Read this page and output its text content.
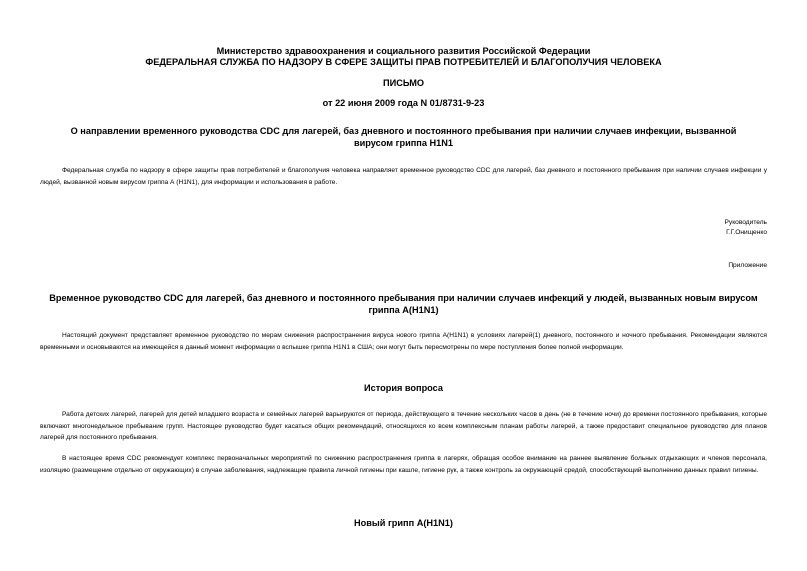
Министерство здравоохранения и социального развития Российской Федерации
ФЕДЕРАЛЬНАЯ СЛУЖБА ПО НАДЗОРУ В СФЕРЕ ЗАЩИТЫ ПРАВ ПОТРЕБИТЕЛЕЙ И БЛАГОПОЛУЧИЯ ЧЕЛОВЕКА
ПИСЬМО
от 22 июня 2009 года N 01/8731-9-23
О направлении временного руководства CDC для лагерей, баз дневного и постоянного пребывания при наличии случаев инфекции, вызванной вирусом гриппа H1N1

Федеральная служба по надзору в сфере защиты прав потребителей и благополучия человека направляет временное руководство CDC для лагерей, баз дневного и постоянного пребывания при наличии случаев инфекции у людей, вызванной новым вирусом гриппа А (H1N1), для информации и использования в работе.

Руководитель
Г.Г.Онищенко
Приложение
Временное руководство CDC для лагерей, баз дневного и постоянного пребывания при наличии случаев инфекций у людей, вызванных новым вирусом гриппа A(H1N1)

Настоящий документ представляет временное руководство по мерам снижения распространения вируса нового гриппа А(H1N1) в условиях лагерей(1) дневного, постоянного и ночного пребывания. Рекомендации являются временными и основываются на имеющейся в данный момент информации о вспышке гриппа H1N1 в США; они могут быть пересмотрены по мере поступления более полной информации.

История вопроса

Работа детских лагерей, лагерей для детей младшего возраста и семейных лагерей варьируются от периода, действующего в течение нескольких часов в день (не в течение ночи) до времени постоянного пребывания, которые включают многонедельное пребывание групп. Настоящее руководство будет касаться общих рекомендаций, относящихся ко всем комплексным планам работы лагерей, а также предоставит специальное руководство для планов лагерей для постоянного пребывания.

В настоящее время CDC рекомендует комплекс первоначальных мероприятий по снижению распространения гриппа в лагерях, обращая особое внимание на раннее выявление больных отдыхающих и членов персонала, изоляцию (размещение отдельно от окружающих) в случае заболевания, надлежащие правила личной гигиены при кашле, гигиене рук, а также контроль за окружающей средой, способствующий выполнению данных правил гигиены.

Новый грипп A(H1N1)
